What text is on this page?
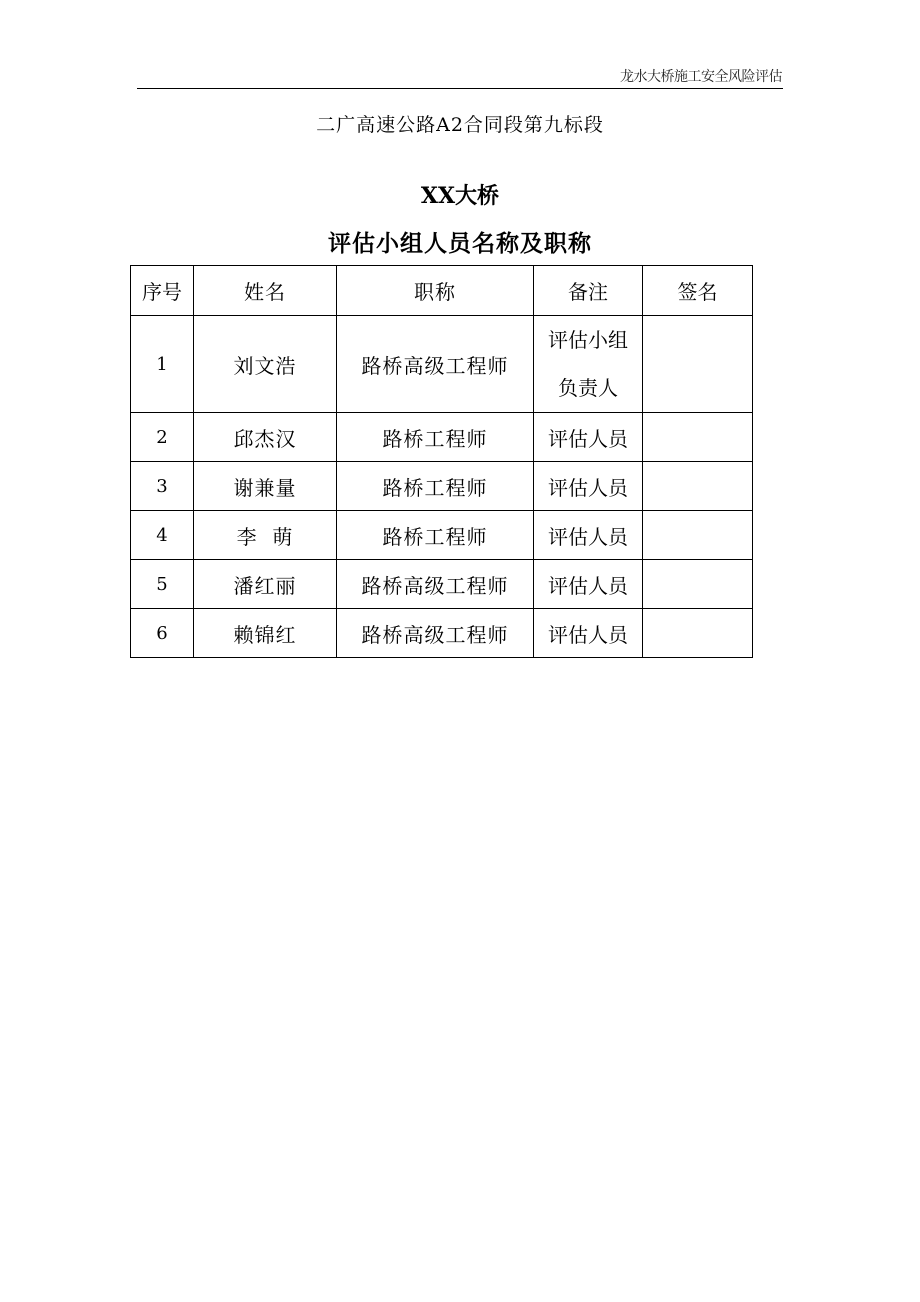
龙水大桥施工安全风险评估
二广高速公路A2合同段第九标段
XX大桥
评估小组人员名称及职称
序号	姓名	职称	备注	签名
1	刘文浩	路桥高级工程师	评估小组
负责人	

2	邱杰汉	路桥工程师	评估人员	
3	谢兼量	路桥工程师	评估人员	
4	李  萌	路桥工程师	评估人员	
5	潘红丽	路桥高级工程师	评估人员	
6	赖锦红	路桥高级工程师	评估人员	
